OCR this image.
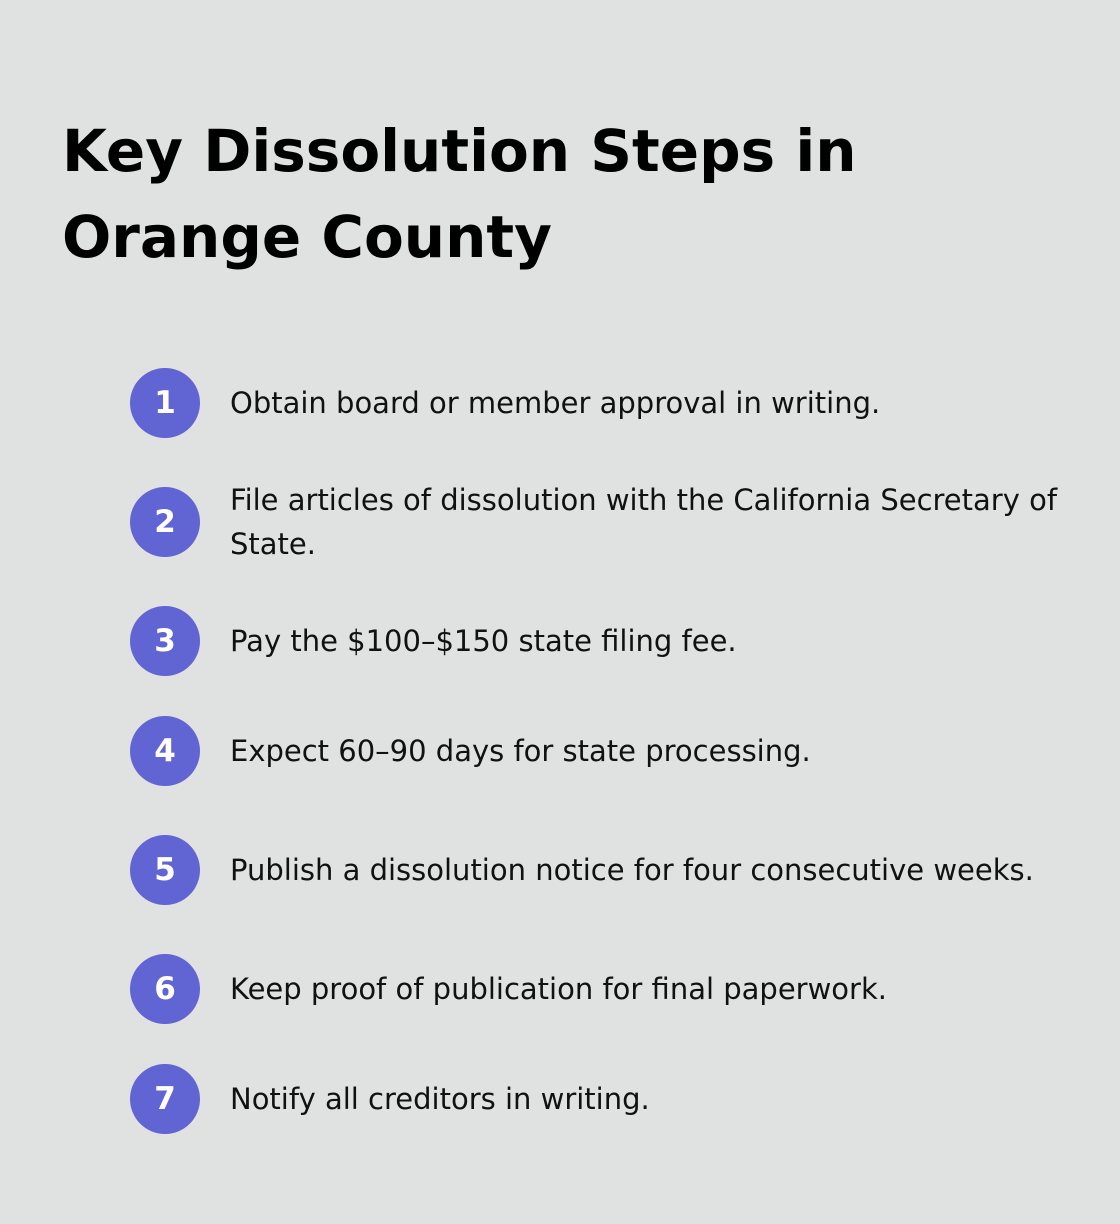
Key Dissolution Steps in Orange County
1	Obtain board or member approval in writing.
2
File articles of dissolution with the California Secretary of State.
3	Pay the $100–$150 state filing fee.
4	Expect 60–90 days for state processing.
5	Publish a dissolution notice for four consecutive weeks.
6	Keep proof of publication for final paperwork.
7	Notify all creditors in writing.
